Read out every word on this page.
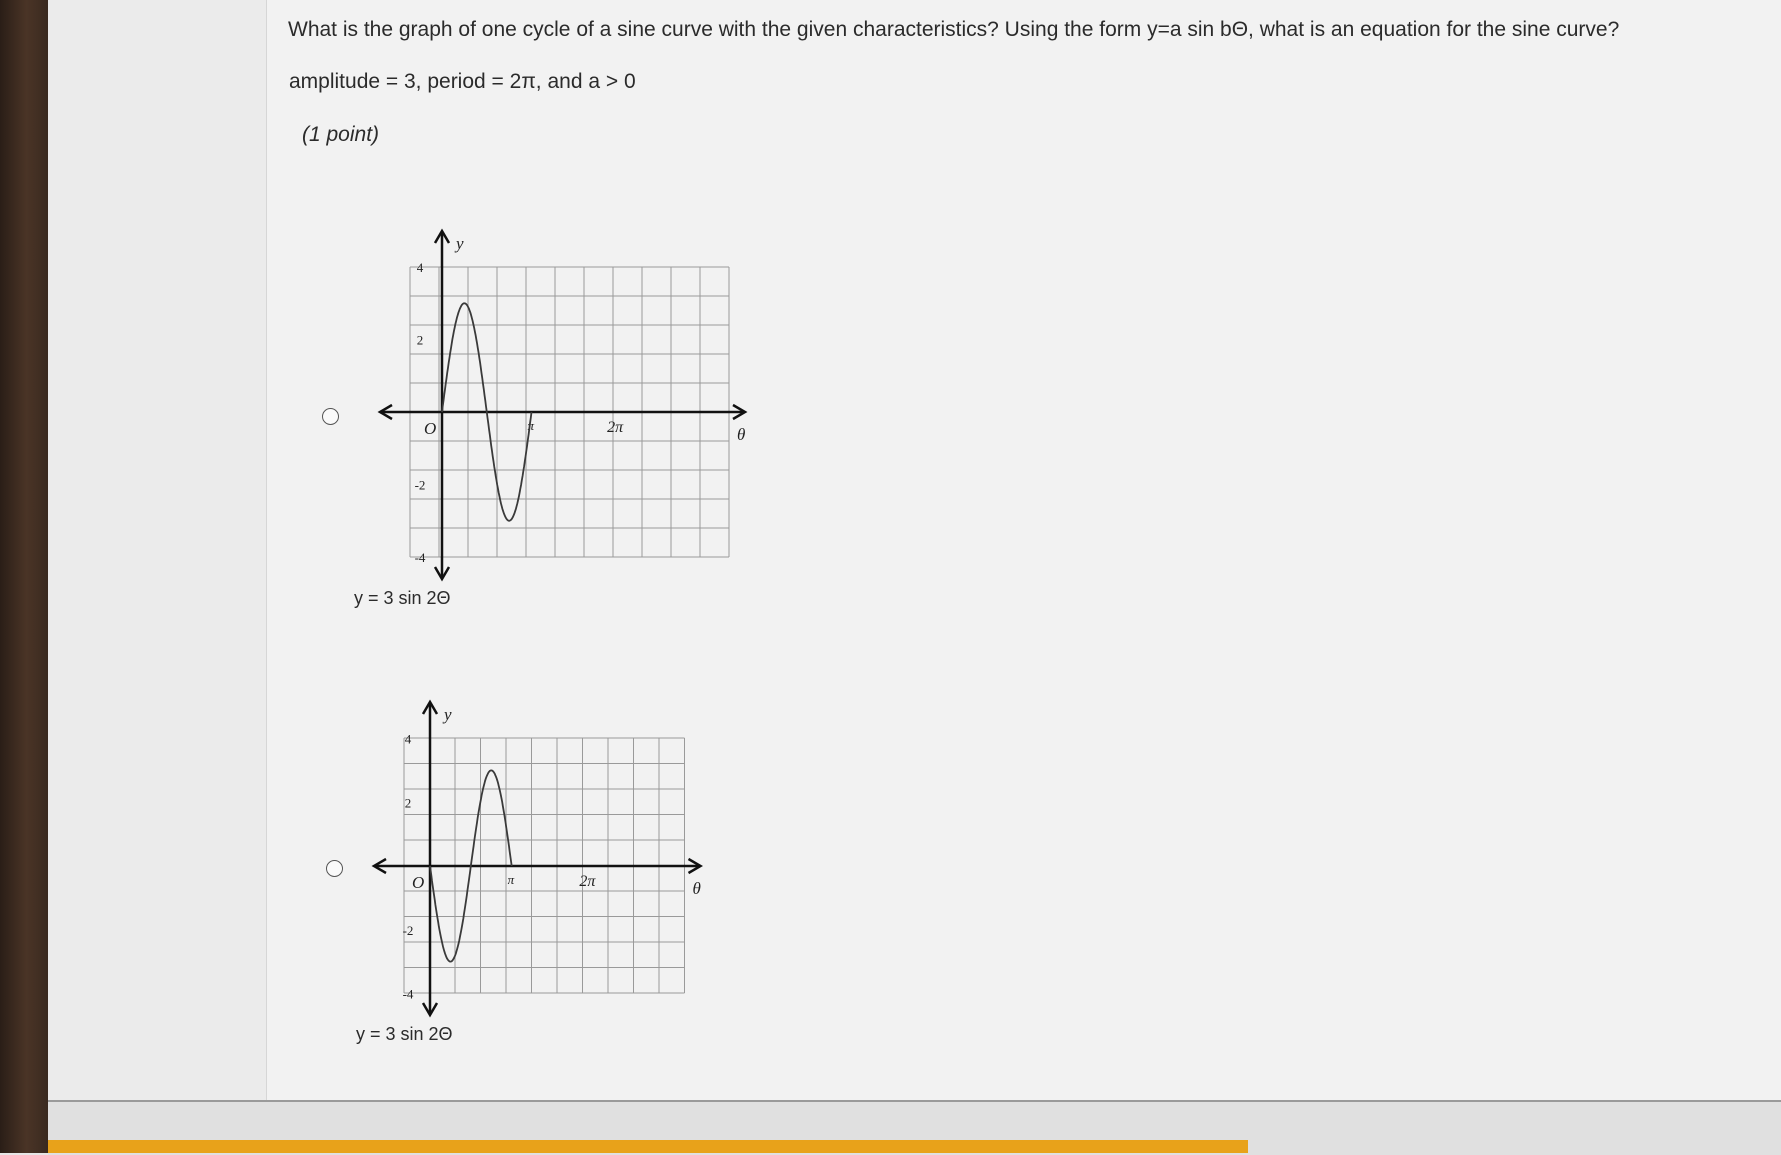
What is the graph of one cycle of a sine curve with the given characteristics? Using the form y=a sin bΘ, what is an equation for the sine curve?
amplitude = 3, period = 2π, and a > 0
(1 point)
y
θ
O	π	2π
4
2
-2
-4
y = 3 sin 2Θ
y
θ
O	π	2π
4
2
-2
-4
y = 3 sin 2Θ
